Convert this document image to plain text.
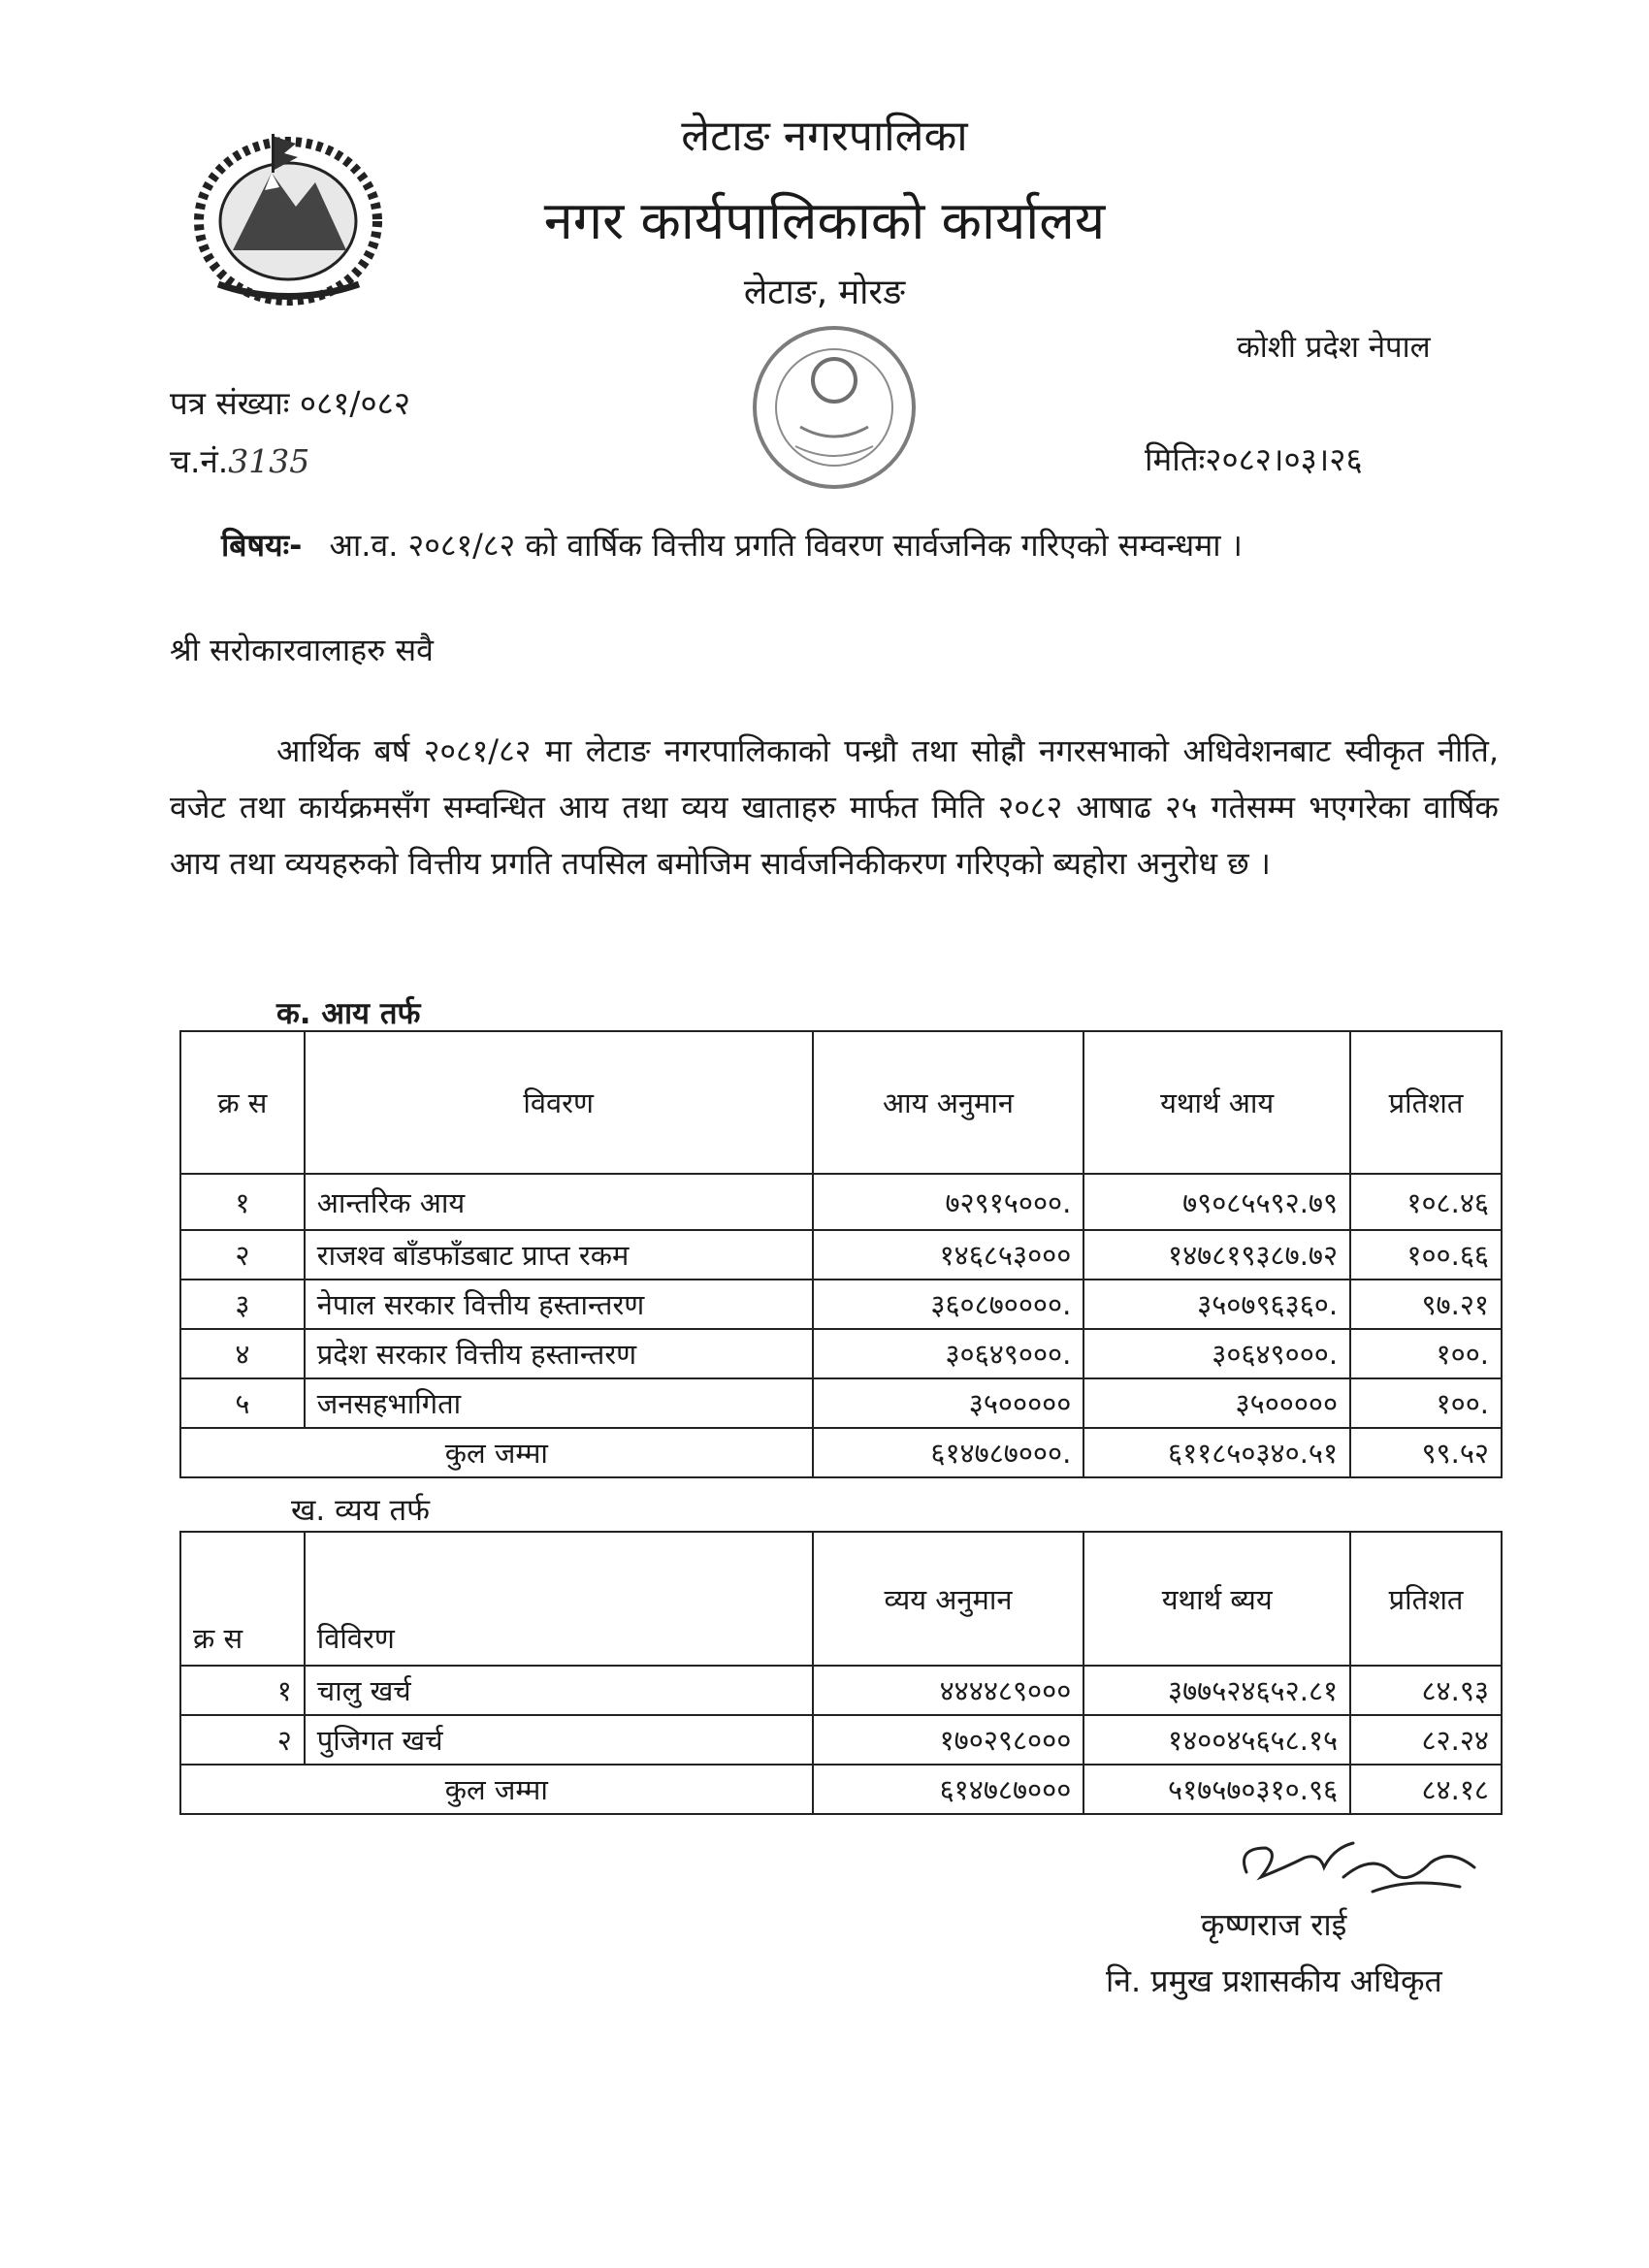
लेटाङ नगरपालिका
नगर कार्यपालिकाको कार्यालय
लेटाङ, मोरङ
कोशी प्रदेश नेपाल
पत्र संख्याः ०८१/०८२
च.नं.3135	मितिः२०८२।०३।२६
बिषयः- आ.व. २०८१/८२ को वार्षिक वित्तीय प्रगति विवरण सार्वजनिक गरिएको सम्वन्धमा ।
श्री सरोकारवालाहरु सवै
आर्थिक बर्ष २०८१/८२ मा लेटाङ नगरपालिकाको पन्ध्रौ तथा सोह्रौ नगरसभाको अधिवेशनबाट स्वीकृत नीति, वजेट तथा कार्यक्रमसँग सम्वन्धित आय तथा व्यय खाताहरु मार्फत मिति २०८२ आषाढ २५ गतेसम्म भएगरेका वार्षिक आय तथा व्ययहरुको वित्तीय प्रगति तपसिल बमोजिम सार्वजनिकीकरण गरिएको ब्यहोरा अनुरोध छ ।
क. आय तर्फ
क्र स	विवरण	आय अनुमान	यथार्थ आय	प्रतिशत
१	आन्तरिक आय	७२९१५०००.	७९०८५५९२.७९	१०८.४६
२	राजश्व बाँडफाँडबाट प्राप्त रकम	१४६८५३०००	१४७८१९३८७.७२	१००.६६
३	नेपाल सरकार वित्तीय हस्तान्तरण	३६०८७००००.	३५०७९६३६०.	९७.२१
४	प्रदेश सरकार वित्तीय हस्तान्तरण	३०६४९०००.	३०६४९०००.	१००.
५	जनसहभागिता	३५०००००	३५०००००	१००.
कुल जम्मा		६१४७८७०००.	६११८५०३४०.५१	९९.५२
ख. व्यय तर्फ
क्र स	विविरण	व्यय अनुमान	यथार्थ ब्यय	प्रतिशत
१	चालु खर्च	४४४४८९०००	३७७५२४६५२.८१	८४.९३
२	पुजिगत खर्च	१७०२९८०००	१४००४५६५८.१५	८२.२४
कुल जम्मा		६१४७८७०००	५१७५७०३१०.९६	८४.१८
कृष्णराज राई
नि. प्रमुख प्रशासकीय अधिकृत
